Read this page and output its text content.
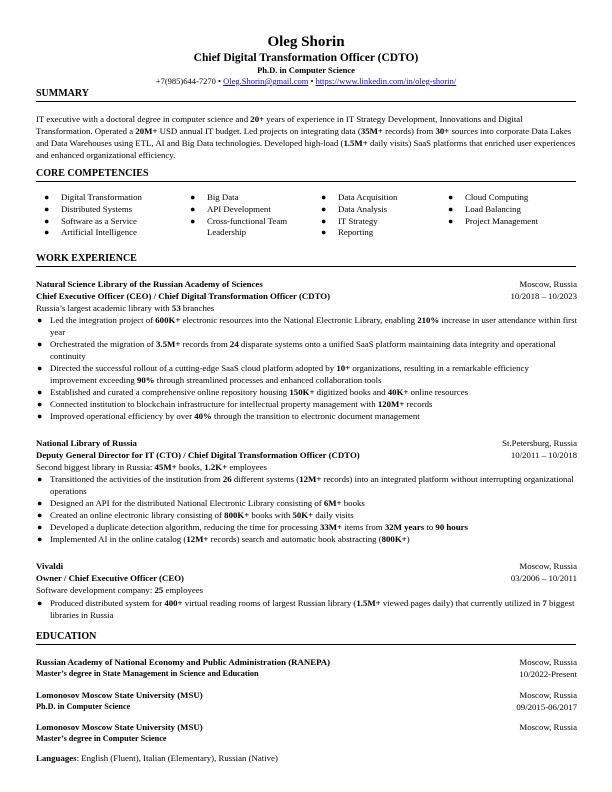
Oleg Shorin
Chief Digital Transformation Officer (CDTO)
Ph.D. in Computer Science
+7(985)644-7270 • Oleg.Shorin@gmail.com • https://www.linkedin.com/in/oleg-shorin/
SUMMARY
IT executive with a doctoral degree in computer science and 20+ years of experience in IT Strategy Development, Innovations and Digital Transformation. Operated a 20M+ USD annual IT budget. Led projects on integrating data (35M+ records) from 30+ sources into corporate Data Lakes and Data Warehouses using ETL, AI and Big Data technologies. Developed high-load (1.5M+ daily visits) SaaS platforms that enriched user experiences and enhanced organizational efficiency.
CORE COMPETENCIES
● Digital Transformation
● Distributed Systems
● Software as a Service
● Artificial Intelligence
● Big Data
● API Development
● Cross-functional Team Leadership
● Data Acquisition
● Data Analysis
● IT Strategy
● Reporting
● Cloud Computing
● Load Balancing
● Project Management
WORK EXPERIENCE
Natural Science Library of the Russian Academy of Sciences	Moscow, Russia
Chief Executive Officer (CEO) / Chief Digital Transformation Officer (CDTO)	10/2018 – 10/2023
Russia’s largest academic library with 53 branches
● Led the integration project of 600K+ electronic resources into the National Electronic Library, enabling 210% increase in user attendance within first year
● Orchestrated the migration of 3.5M+ records from 24 disparate systems onto a unified SaaS platform maintaining data integrity and operational continuity
● Directed the successful rollout of a cutting-edge SaaS cloud platform adopted by 10+ organizations, resulting in a remarkable efficiency improvement exceeding 90% through streamlined processes and enhanced collaboration tools
● Established and curated a comprehensive online repository housing 150K+ digitized books and 40K+ online resources
● Connected institution to blockchain infrastructure for intellectual property management with 120M+ records
● Improved operational efficiency by over 40% through the transition to electronic document management
National Library of Russia	St.Petersburg, Russia
Deputy General Director for IT (CTO) / Chief Digital Transformation Officer (CDTO)	10/2011 – 10/2018
Second biggest library in Russia: 45M+ books, 1.2K+ employees
● Transitioned the activities of the institution from 26 different systems (12M+ records) into an integrated platform without interrupting organizational operations
● Designed an API for the distributed National Electronic Library consisting of 6M+ books
● Created an online electronic library consisting of 800K+ books with 50K+ daily visits
● Developed a duplicate detection algorithm, reducing the time for processing 33M+ items from 32M years to 90 hours
● Implemented AI in the online catalog (12M+ records) search and automatic book abstracting (800K+)
Vivaldi	Moscow, Russia
Owner / Chief Executive Officer (CEO)	03/2006 – 10/2011
Software development company: 25 employees
● Produced distributed system for 400+ virtual reading rooms of largest Russian library (1.5M+ viewed pages daily) that currently utilized in 7 biggest libraries in Russia
EDUCATION
Russian Academy of National Economy and Public Administration (RANEPA)	Moscow, Russia
Master’s degree in State Management in Science and Education	10/2022-Present
Lomonosov Moscow State University (MSU)	Moscow, Russia
Ph.D. in Computer Science	09/2015-06/2017
Lomonosov Moscow State University (MSU)	Moscow, Russia
Master’s degree in Computer Science
Languages: English (Fluent), Italian (Elementary), Russian (Native)
